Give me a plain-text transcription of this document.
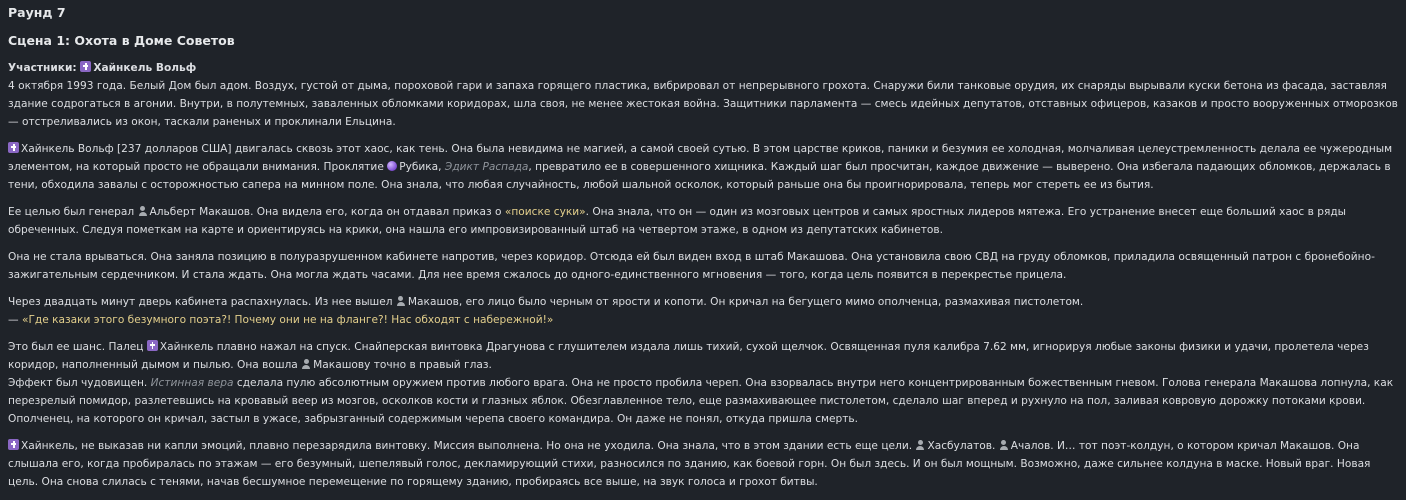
Раунд 7
Сцена 1: Охота в Доме Советов
Участники: Хайнкель Вольф

4 октября 1993 года. Белый Дом был адом. Воздух, густой от дыма, пороховой гари и запаха горящего пластика, вибрировал от непрерывного грохота. Снаружи били танковые орудия, их снаряды вырывали куски бетона из фасада, заставляя здание содрогаться в агонии. Внутри, в полутемных, заваленных обломками коридорах, шла своя, не менее жестокая война. Защитники парламента — смесь идейных депутатов, отставных офицеров, казаков и просто вооруженных отморозков — отстреливались из окон, таскали раненых и проклинали Ельцина.

Хайнкель Вольф [237 долларов США] двигалась сквозь этот хаос, как тень. Она была невидима не магией, а самой своей сутью. В этом царстве криков, паники и безумия ее холодная, молчаливая целеустремленность делала ее чужеродным элементом, на который просто не обращали внимания. Проклятие Рубика, Эдикт Распада, превратило ее в совершенного хищника. Каждый шаг был просчитан, каждое движение — выверено. Она избегала падающих обломков, держалась в тени, обходила завалы с осторожностью сапера на минном поле. Она знала, что любая случайность, любой шальной осколок, который раньше она бы проигнорировала, теперь мог стереть ее из бытия.

Ее целью был генерал Альберт Макашов. Она видела его, когда он отдавал приказ о «поиске суки». Она знала, что он — один из мозговых центров и самых яростных лидеров мятежа. Его устранение внесет еще больший хаос в ряды обреченных. Следуя пометкам на карте и ориентируясь на крики, она нашла его импровизированный штаб на четвертом этаже, в одном из депутатских кабинетов.

Она не стала врываться. Она заняла позицию в полуразрушенном кабинете напротив, через коридор. Отсюда ей был виден вход в штаб Макашова. Она установила свою СВД на груду обломков, приладила освященный патрон с бронебойно-зажигательным сердечником. И стала ждать. Она могла ждать часами. Для нее время сжалось до одного-единственного мгновения — того, когда цель появится в перекрестье прицела.

Через двадцать минут дверь кабинета распахнулась. Из нее вышел Макашов, его лицо было черным от ярости и копоти. Он кричал на бегущего мимо ополченца, размахивая пистолетом.

— «Где казаки этого безумного поэта?! Почему они не на фланге?! Нас обходят с набережной!»

Это был ее шанс. Палец Хайнкель плавно нажал на спуск. Снайперская винтовка Драгунова с глушителем издала лишь тихий, сухой щелчок. Освященная пуля калибра 7.62 мм, игнорируя любые законы физики и удачи, пролетела через коридор, наполненный дымом и пылью. Она вошла Макашову точно в правый глаз.

Эффект был чудовищен. Истинная вера сделала пулю абсолютным оружием против любого врага. Она не просто пробила череп. Она взорвалась внутри него концентрированным божественным гневом. Голова генерала Макашова лопнула, как перезрелый помидор, разлетевшись на кровавый веер из мозгов, осколков кости и глазных яблок. Обезглавленное тело, еще размахивающее пистолетом, сделало шаг вперед и рухнуло на пол, заливая ковровую дорожку потоками крови. Ополченец, на которого он кричал, застыл в ужасе, забрызганный содержимым черепа своего командира. Он даже не понял, откуда пришла смерть.

Хайнкель, не выказав ни капли эмоций, плавно перезарядила винтовку. Миссия выполнена. Но она не уходила. Она знала, что в этом здании есть еще цели. Хасбулатов. Ачалов. И… тот поэт-колдун, о котором кричал Макашов. Она слышала его, когда пробиралась по этажам — его безумный, шепелявый голос, декламирующий стихи, разносился по зданию, как боевой горн. Он был здесь. И он был мощным. Возможно, даже сильнее колдуна в маске. Новый враг. Новая цель. Она снова слилась с тенями, начав бесшумное перемещение по горящему зданию, пробираясь все выше, на звук голоса и грохот битвы.
